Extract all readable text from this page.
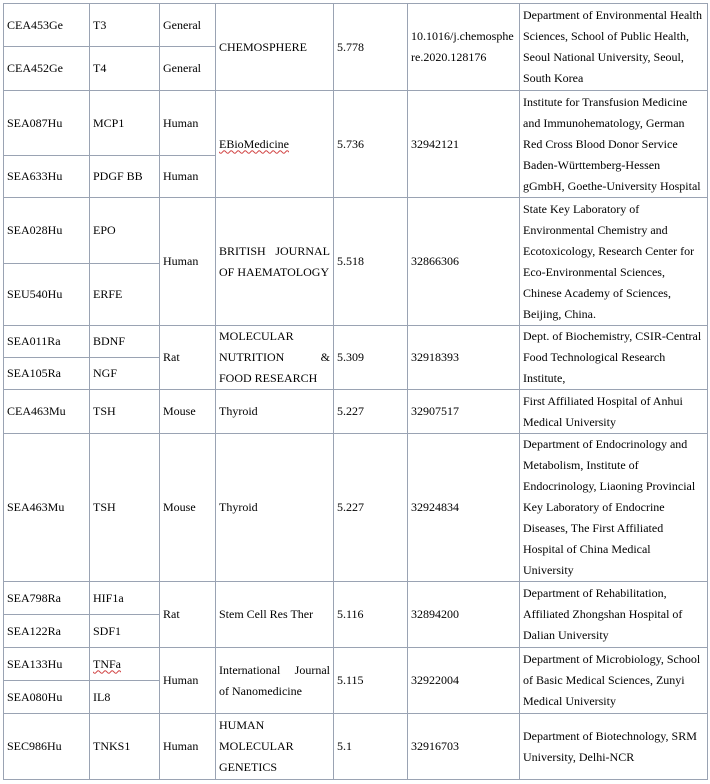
CEA453Ge	T3	General	CHEMOSPHERE	5.778	10.1016/j.chemosphere.2020.128176	Department of Environmental Health Sciences, School of Public Health, Seoul National University, Seoul, South Korea
CEA452Ge	T4	General				
SEA087Hu	MCP1	Human	EBioMedicine	5.736	32942121	Institute for Transfusion Medicine and Immunohematology, German Red Cross Blood Donor Service Baden-Württemberg-Hessen gGmbH, Goethe-University Hospital
SEA633Hu	PDGF BB	Human				
SEA028Hu	EPO	Human	BRITISH JOURNAL OF HAEMATOLOGY	5.518	32866306	State Key Laboratory of Environmental Chemistry and Ecotoxicology, Research Center for Eco-Environmental Sciences, Chinese Academy of Sciences, Beijing, China.
SEU540Hu	ERFE					
SEA011Ra	BDNF	Rat	MOLECULAR NUTRITION & FOOD RESEARCH	5.309	32918393	Dept. of Biochemistry, CSIR-Central Food Technological Research Institute,
SEA105Ra	NGF					
CEA463Mu	TSH	Mouse	Thyroid	5.227	32907517	First Affiliated Hospital of Anhui Medical University
SEA463Mu	TSH	Mouse	Thyroid	5.227	32924834	Department of Endocrinology and Metabolism, Institute of Endocrinology, Liaoning Provincial Key Laboratory of Endocrine Diseases, The First Affiliated Hospital of China Medical University
SEA798Ra	HIF1a	Rat	Stem Cell Res Ther	5.116	32894200	Department of Rehabilitation, Affiliated Zhongshan Hospital of Dalian University
SEA122Ra	SDF1					
SEA133Hu	TNFa	Human	International Journal of Nanomedicine	5.115	32922004	Department of Microbiology, School of Basic Medical Sciences, Zunyi Medical University
SEA080Hu	IL8					
SEC986Hu	TNKS1	Human	HUMAN MOLECULAR GENETICS	5.1	32916703	Department of Biotechnology, SRM University, Delhi-NCR
